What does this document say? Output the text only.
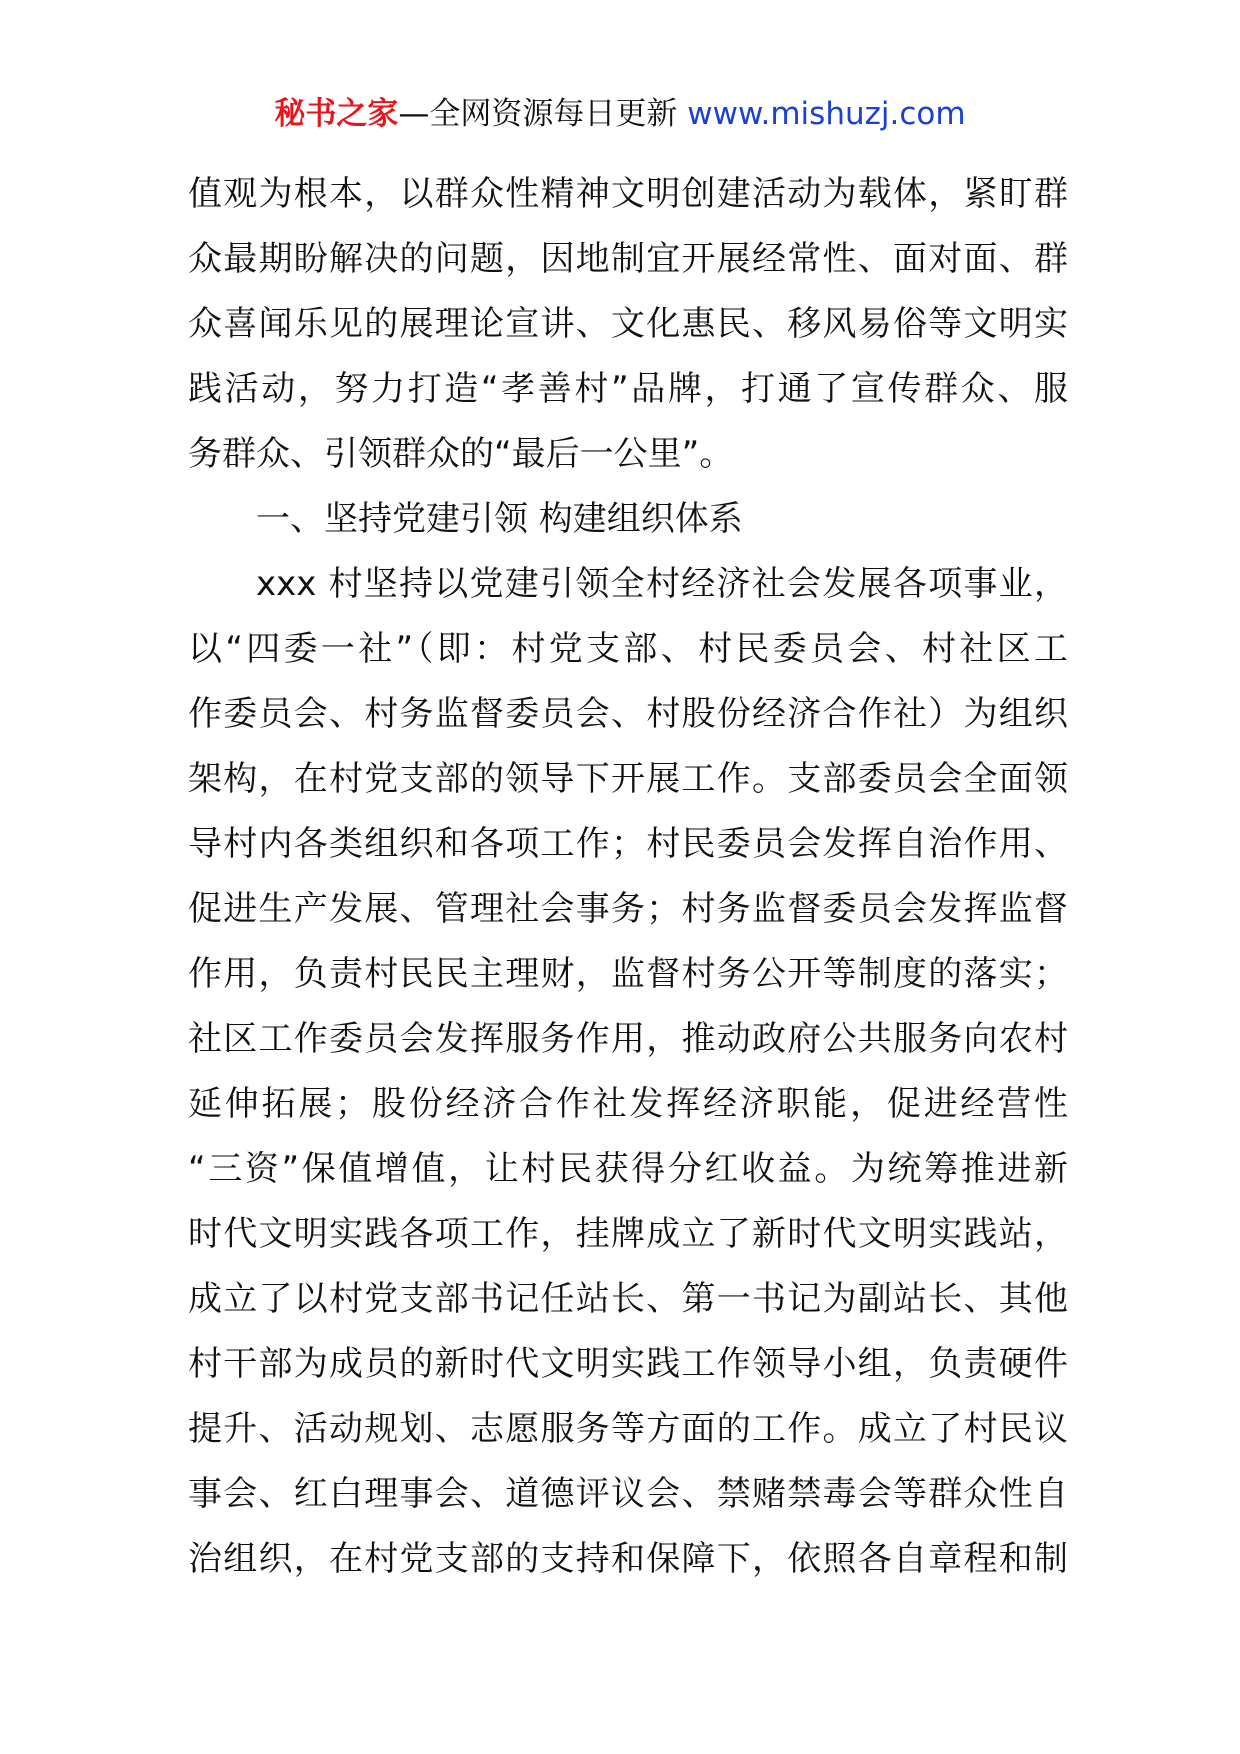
秘书之家—全网资源每日更新 www.mishuzj.com
值观为根本，以群众性精神文明创建活动为载体，紧盯群
众最期盼解决的问题，因地制宜开展经常性、面对面、群
众喜闻乐见的展理论宣讲、文化惠民、移风易俗等文明实
践活动，努力打造“孝善村”品牌，打通了宣传群众、服
务群众、引领群众的“最后一公里”。
一、坚持党建引领 构建组织体系
xxx 村坚持以党建引领全村经济社会发展各项事业，
以“四委一社”（即：村党支部、村民委员会、村社区工
作委员会、村务监督委员会、村股份经济合作社）为组织
架构，在村党支部的领导下开展工作。支部委员会全面领
导村内各类组织和各项工作；村民委员会发挥自治作用、
促进生产发展、管理社会事务；村务监督委员会发挥监督
作用，负责村民民主理财，监督村务公开等制度的落实；
社区工作委员会发挥服务作用，推动政府公共服务向农村
延伸拓展；股份经济合作社发挥经济职能，促进经营性
“三资”保值增值，让村民获得分红收益。为统筹推进新
时代文明实践各项工作，挂牌成立了新时代文明实践站，
成立了以村党支部书记任站长、第一书记为副站长、其他
村干部为成员的新时代文明实践工作领导小组，负责硬件
提升、活动规划、志愿服务等方面的工作。成立了村民议
事会、红白理事会、道德评议会、禁赌禁毒会等群众性自
治组织，在村党支部的支持和保障下，依照各自章程和制
